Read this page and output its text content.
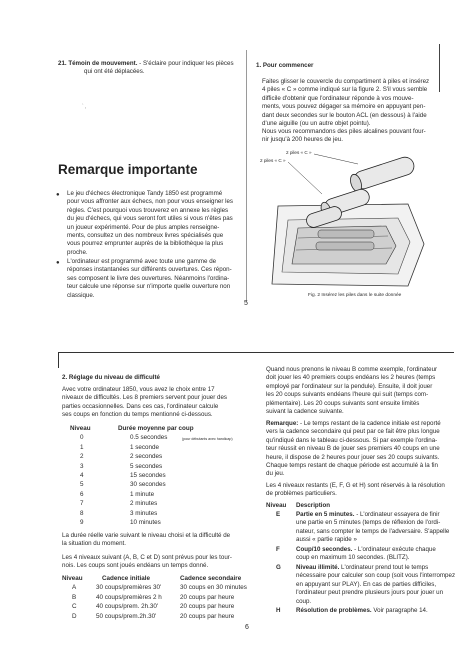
21. Témoin de mouvement. - S'éclaire pour indiquer les pièces
qui ont été déplacées.
` ,
Remarque importante
● Le jeu d'échecs électronique Tandy 1850 est programmé
pour vous affronter aux échecs, non pour vous enseigner les
règles. C'est pourquoi vous trouverez en annexe les règles
du jeu d'échecs, qui vous seront fort utiles si vous n'êtes pas
un joueur expérimenté. Pour de plus amples renseigne-
ments, consultez un des nombreux livres spécialisés que
vous pourrez emprunter auprès de la bibliothèque la plus
proche.
● L'ordinateur est programmé avec toute une gamme de
réponses instantanées sur différents ouvertures. Ces répon-
ses composent le livre des ouvertures. Néanmoins l'ordina-
teur calcule une réponse sur n'importe quelle ouverture non
classique.
1. Pour commencer
Faites glisser le couvercle du compartiment à piles et insérez
4 piles « C » comme indiqué sur la figure 2. S'il vous semble
difficile d'obtenir que l'ordinateur réponde à vos mouve-
ments, vous pouvez dégager sa mémoire en appuyant pen-
dant deux secondes sur le bouton ACL (en dessous) à l'aide
d'une aiguille (ou un autre objet pointu).
Nous vous recommandons des piles alcalines pouvant four-
nir jusqu'à 200 heures de jeu.
2 piles « C »
2 piles « C »
Fig. 2 Insérez les piles dans le suite donnée
5
2. Réglage du niveau de difficulté
Avec votre ordinateur 1850, vous avez le choix entre 17
niveaux de difficultés. Les 8 premiers servent pour jouer des
parties occasionnelles. Dans ces cas, l'ordinateur calcule
ses coups en fonction du temps mentionné ci-dessous.
Niveau	Durée moyenne par coup
0	0.5 secondes	(pour débutants avec handicap)
1	1 seconde
2	2 secondes
3	5 secondes
4	15 secondes
5	30 secondes
6	1 minute
7	2 minutes
8	3 minutes
9	10 minutes
La durée réelle varie suivant le niveau choisi et la difficulté de
la situation du moment.
Les 4 niveaux suivant (A, B, C et D) sont prévus pour les tour-
nois. Les coups sont joués endéans un temps donné.
Niveau	Cadence initiale	Cadence secondaire
A	30 coups/premières 30'	30 coups en 30 minutes
B	40 coups/premières 2 h	20 coups par heure
C	40 coups/prem. 2h.30'	20 coups par heure
D	50 coups/prem.2h.30'	20 coups par heure
Quand nous prenons le niveau B comme exemple, l'ordinateur
doit jouer les 40 premiers coups endéans les 2 heures (temps
employé par l'ordinateur sur la pendule). Ensuite, il doit jouer
les 20 coups suivants endéans l'heure qui suit (temps com-
plémentaire). Les 20 coups suivants sont ensuite limités
suivant la cadence suivante.
Remarque: - Le temps restant de la cadence initiale est reporté
vers la cadence secondaire qui peut par ce fait être plus longue
qu'indiqué dans le tableau ci-dessous. Si par exemple l'ordina-
teur réussit en niveau B de jouer ses premiers 40 coups en une
heure, il dispose de 2 heures pour jouer ses 20 coups suivants.
Chaque temps restant de chaque période est accumulé à la fin
du jeu.
Les 4 niveaux restants (E, F, G et H) sont réservés à la résolution
de problèmes particuliers.
Niveau Description
E	Partie en 5 minutes. - L'ordinateur essayera de finir
une partie en 5 minutes (temps de réflexion de l'ordi-
nateur, sans compter le temps de l'adversaire. S'appelle
aussi « partie rapide »
F	Coup/10 secondes. - L'ordinateur exécute chaque
coup en maximum 10 secondes. (BLITZ).
G Niveau illimité. L'ordinateur prend tout le temps
nécessaire pour calculer son coup (soit vous l'interrompez
en appuyant sur PLAY). En cas de parties difficiles,
l'ordinateur peut prendre plusieurs jours pour jouer un
coup.
H	Résolution de problèmes. Voir paragraphe 14.
6
